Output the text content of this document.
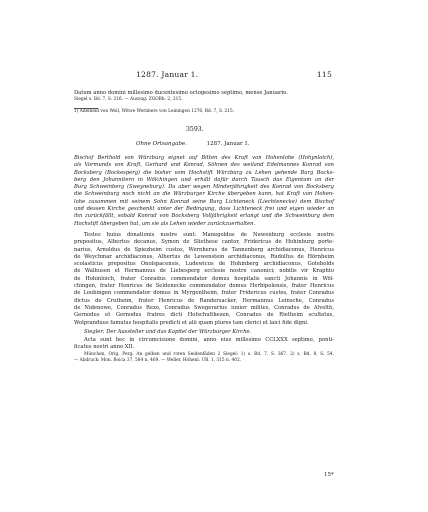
1287. Januar 1.	115
Datum anno domini millesimo ducentesimo octogesimo septimo, mense Januario.
Siegel s. Bd. 7, S. 216. — Auszug: ZGORh. 2, 215.
1) Adelheid von Weil, Witwe Wernhers von Leiningen 1276, Bd. 7, S. 215.
3593.
Ohne Ortsangabe.	1287. Januar 1.
Bischof Berthold von Würzburg eignet auf Bitten des Kraft von Hohenlohe (Hohynloich),
als Vormunds von Kraft, Gerhard und Konrad, Söhnen des weiland Edelmannes Konrad von
Bocksberg (Bockesperg) die bisher vom Hochstift Würzburg zu Lehen gehende Burg Bocks-
berg den Johannitern in Wölchingen und erhält dafür durch Tausch das Eigentum an der
Burg Schweinberg (Sweyneburg). Da aber wegen Minderjährigkeit des Konrad von Bocksberg
die Schweinburg noch nicht an die Würzburger Kirche übergeben kann, hat Kraft von Hohen-
lohe zusammen mit seinem Sohn Konrad seine Burg Lichteneck (Liechtenecke) dem Bischof
und dessen Kirche geschenkt unter der Bedingung, dass Lichteneck frei und eigen wieder an
ihn zurückfällt, sobald Konrad von Bocksberg Volljährigkeit erlangt und die Schweinburg dem
Hochstift übergeben hat, um sie als Lehen wieder zurückzuerhalten.
Testes huius donationis nostre sunt: Manegoldus de Nuwenburg ecclesie nostre
prepositus, Albertus decanus, Symon de Sliethese cantor, Fridericus de Hohinburg porte-
narius, Arnoldus de Spiezheim custos, Wernherus de Tannenberg archidiaconus, Henricus
de Weychmar archidiaconus, Albertus de Lewenstein archidiaconus, Rudolfus de Hörnheim
scolasticus prepositus Onolspacensis, Ludewicus de Hohinberg archidiaconus, Gotebolds
de Walhusen et Hermannus de Liebesperg ecclesie nostre canonici; nobilis vir Kraphto
de Hohinloich, frater Conradus commendator domus hospitalis sancti Johannis in Wöl-
chingen, frater Henricus de Seldenecke commendator domus Herbipolensis, frater Henricus
de Loubingen commendator domus in Myrgentheim, frater Fridericus custos, frater Conradus
dictus de Crutheim, frater Henricus de Randersacker, Hermannus Leinsche, Conradus
de Nidenowe, Conradus Rezo, Conradus Swegerarius iunior milites, Conradus de Alvelth,
Gernodus et Gernodus fratres dicti Hofschulthezen, Conradus de Rietheim scultetus,
Wolpranduus famulus hospitalis predicti et alii quam plures tam clerici et laici fide digni.
Siegler: Der Aussteller und das Kapitel der Würzburger Kirche.
Acta sunt hec in circumcisione domini, anno eius millesimo CCLXXX septimo, ponti-
ficatus nostri anno XII.
München, Orig. Perg. An gelben und roten Seidenfäden 2 Siegel: 1) s. Bd. 7, S. 367. 2) s. Bd. 8, S. 54.
— Abdruck: Mon. Boica 37, 584 n. 469. — Weller, Hohenl. UB. 1, 315 n. 402.
15*
